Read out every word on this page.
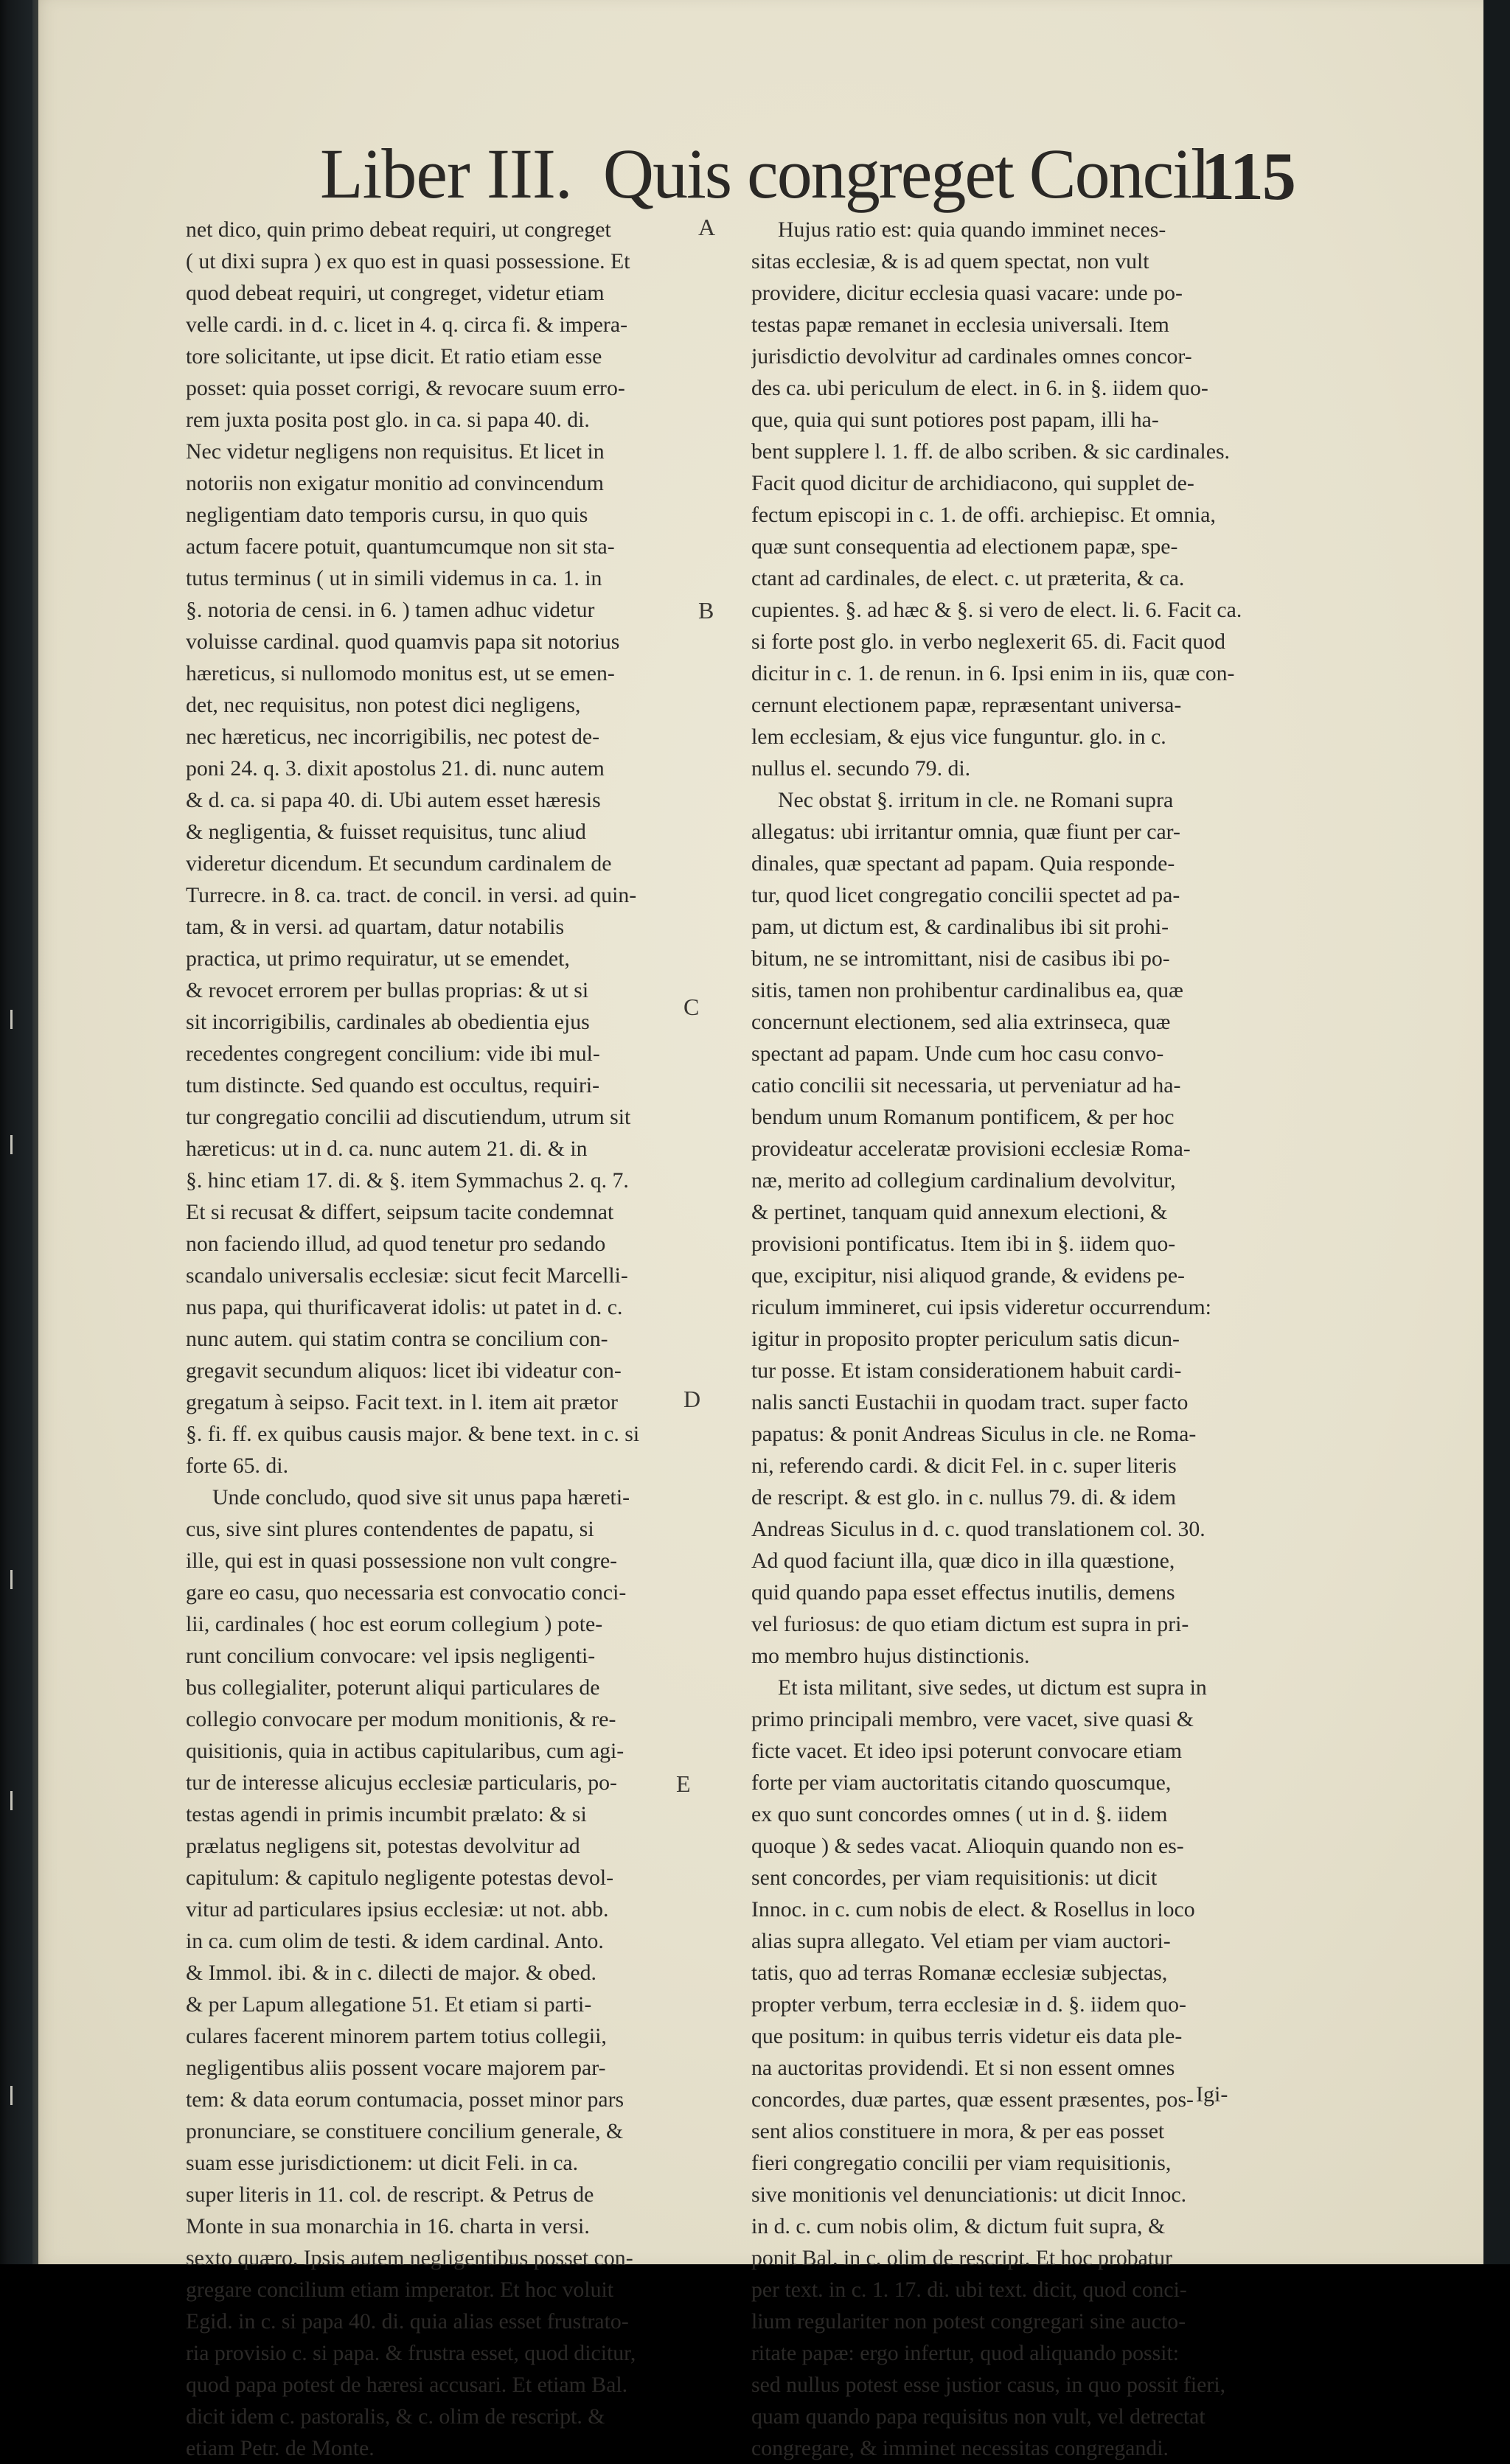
Liber III. Quis congreget Concil.
115
net dico, quin primo debeat requiri, ut congreget
( ut dixi supra ) ex quo est in quasi possessione. Et
quod debeat requiri, ut congreget, videtur etiam
velle cardi. in d. c. licet in 4. q. circa fi. & impera-
tore solicitante, ut ipse dicit. Et ratio etiam esse
posset: quia posset corrigi, & revocare suum erro-
rem juxta posita post glo. in ca. si papa 40. di.
Nec videtur negligens non requisitus. Et licet in
notoriis non exigatur monitio ad convincendum
negligentiam dato temporis cursu, in quo quis
actum facere potuit, quantumcumque non sit sta-
tutus terminus ( ut in simili videmus in ca. 1. in
§. notoria de censi. in 6. ) tamen adhuc videtur
voluisse cardinal. quod quamvis papa sit notorius
hæreticus, si nullomodo monitus est, ut se emen-
det, nec requisitus, non potest dici negligens,
nec hæreticus, nec incorrigibilis, nec potest de-
poni 24. q. 3. dixit apostolus 21. di. nunc autem
& d. ca. si papa 40. di. Ubi autem esset hæresis
& negligentia, & fuisset requisitus, tunc aliud
videretur dicendum. Et secundum cardinalem de
Turrecre. in 8. ca. tract. de concil. in versi. ad quin-
tam, & in versi. ad quartam, datur notabilis
practica, ut primo requiratur, ut se emendet,
& revocet errorem per bullas proprias: & ut si
sit incorrigibilis, cardinales ab obedientia ejus
recedentes congregent concilium: vide ibi mul-
tum distincte. Sed quando est occultus, requiri-
tur congregatio concilii ad discutiendum, utrum sit
hæreticus: ut in d. ca. nunc autem 21. di. & in
§. hinc etiam 17. di. & §. item Symmachus 2. q. 7.
Et si recusat & differt, seipsum tacite condemnat
non faciendo illud, ad quod tenetur pro sedando
scandalo universalis ecclesiæ: sicut fecit Marcelli-
nus papa, qui thurificaverat idolis: ut patet in d. c.
nunc autem. qui statim contra se concilium con-
gregavit secundum aliquos: licet ibi videatur con-
gregatum à seipso. Facit text. in l. item ait prætor
§. fi. ff. ex quibus causis major. & bene text. in c. si
forte 65. di.
Unde concludo, quod sive sit unus papa hæreti-
cus, sive sint plures contendentes de papatu, si
ille, qui est in quasi possessione non vult congre-
gare eo casu, quo necessaria est convocatio conci-
lii, cardinales ( hoc est eorum collegium ) pote-
runt concilium convocare: vel ipsis negligenti-
bus collegialiter, poterunt aliqui particulares de
collegio convocare per modum monitionis, & re-
quisitionis, quia in actibus capitularibus, cum agi-
tur de interesse alicujus ecclesiæ particularis, po-
testas agendi in primis incumbit prælato: & si
prælatus negligens sit, potestas devolvitur ad
capitulum: & capitulo negligente potestas devol-
vitur ad particulares ipsius ecclesiæ: ut not. abb.
in ca. cum olim de testi. & idem cardinal. Anto.
& Immol. ibi. & in c. dilecti de major. & obed.
& per Lapum allegatione 51. Et etiam si parti-
culares facerent minorem partem totius collegii,
negligentibus aliis possent vocare majorem par-
tem: & data eorum contumacia, posset minor pars
pronunciare, se constituere concilium generale, &
suam esse jurisdictionem: ut dicit Feli. in ca.
super literis in 11. col. de rescript. & Petrus de
Monte in sua monarchia in 16. charta in versi.
sexto quæro. Ipsis autem negligentibus posset con-
gregare concilium etiam imperator. Et hoc voluit
Egid. in c. si papa 40. di. quia alias esset frustrato-
ria provisio c. si papa. & frustra esset, quod dicitur,
quod papa potest de hæresi accusari. Et etiam Bal.
dicit idem c. pastoralis, & c. olim de rescript. &
etiam Petr. de Monte.
Hujus ratio est: quia quando imminet neces-
sitas ecclesiæ, & is ad quem spectat, non vult
providere, dicitur ecclesia quasi vacare: unde po-
testas papæ remanet in ecclesia universali. Item
jurisdictio devolvitur ad cardinales omnes concor-
des ca. ubi periculum de elect. in 6. in §. iidem quo-
que, quia qui sunt potiores post papam, illi ha-
bent supplere l. 1. ff. de albo scriben. & sic cardinales.
Facit quod dicitur de archidiacono, qui supplet de-
fectum episcopi in c. 1. de offi. archiepisc. Et omnia,
quæ sunt consequentia ad electionem papæ, spe-
ctant ad cardinales, de elect. c. ut præterita, & ca.
cupientes. §. ad hæc & §. si vero de elect. li. 6. Facit ca.
si forte post glo. in verbo neglexerit 65. di. Facit quod
dicitur in c. 1. de renun. in 6. Ipsi enim in iis, quæ con-
cernunt electionem papæ, repræsentant universa-
lem ecclesiam, & ejus vice funguntur. glo. in c.
nullus el. secundo 79. di.
Nec obstat §. irritum in cle. ne Romani supra
allegatus: ubi irritantur omnia, quæ fiunt per car-
dinales, quæ spectant ad papam. Quia responde-
tur, quod licet congregatio concilii spectet ad pa-
pam, ut dictum est, & cardinalibus ibi sit prohi-
bitum, ne se intromittant, nisi de casibus ibi po-
sitis, tamen non prohibentur cardinalibus ea, quæ
concernunt electionem, sed alia extrinseca, quæ
spectant ad papam. Unde cum hoc casu convo-
catio concilii sit necessaria, ut perveniatur ad ha-
bendum unum Romanum pontificem, & per hoc
provideatur acceleratæ provisioni ecclesiæ Roma-
næ, merito ad collegium cardinalium devolvitur,
& pertinet, tanquam quid annexum electioni, &
provisioni pontificatus. Item ibi in §. iidem quo-
que, excipitur, nisi aliquod grande, & evidens pe-
riculum immineret, cui ipsis videretur occurrendum:
igitur in proposito propter periculum satis dicun-
tur posse. Et istam considerationem habuit cardi-
nalis sancti Eustachii in quodam tract. super facto
papatus: & ponit Andreas Siculus in cle. ne Roma-
ni, referendo cardi. & dicit Fel. in c. super literis
de rescript. & est glo. in c. nullus 79. di. & idem
Andreas Siculus in d. c. quod translationem col. 30.
Ad quod faciunt illa, quæ dico in illa quæstione,
quid quando papa esset effectus inutilis, demens
vel furiosus: de quo etiam dictum est supra in pri-
mo membro hujus distinctionis.
Et ista militant, sive sedes, ut dictum est supra in
primo principali membro, vere vacet, sive quasi &
ficte vacet. Et ideo ipsi poterunt convocare etiam
forte per viam auctoritatis citando quoscumque,
ex quo sunt concordes omnes ( ut in d. §. iidem
quoque ) & sedes vacat. Alioquin quando non es-
sent concordes, per viam requisitionis: ut dicit
Innoc. in c. cum nobis de elect. & Rosellus in loco
alias supra allegato. Vel etiam per viam auctori-
tatis, quo ad terras Romanæ ecclesiæ subjectas,
propter verbum, terra ecclesiæ in d. §. iidem quo-
que positum: in quibus terris videtur eis data ple-
na auctoritas providendi. Et si non essent omnes
concordes, duæ partes, quæ essent præsentes, pos-
sent alios constituere in mora, & per eas posset
fieri congregatio concilii per viam requisitionis,
sive monitionis vel denunciationis: ut dicit Innoc.
in d. c. cum nobis olim, & dictum fuit supra, &
ponit Bal. in c. olim de rescript. Et hoc probatur
per text. in c. 1. 17. di. ubi text. dicit, quod conci-
lium regulariter non potest congregari sine aucto-
ritate papæ: ergo infertur, quod aliquando possit:
sed nullus potest esse justior casus, in quo possit fieri,
quam quando papa requisitus non vult, vel detrectat
congregare, & imminet necessitas congregandi.
A
B
C
D
E
Igi-
